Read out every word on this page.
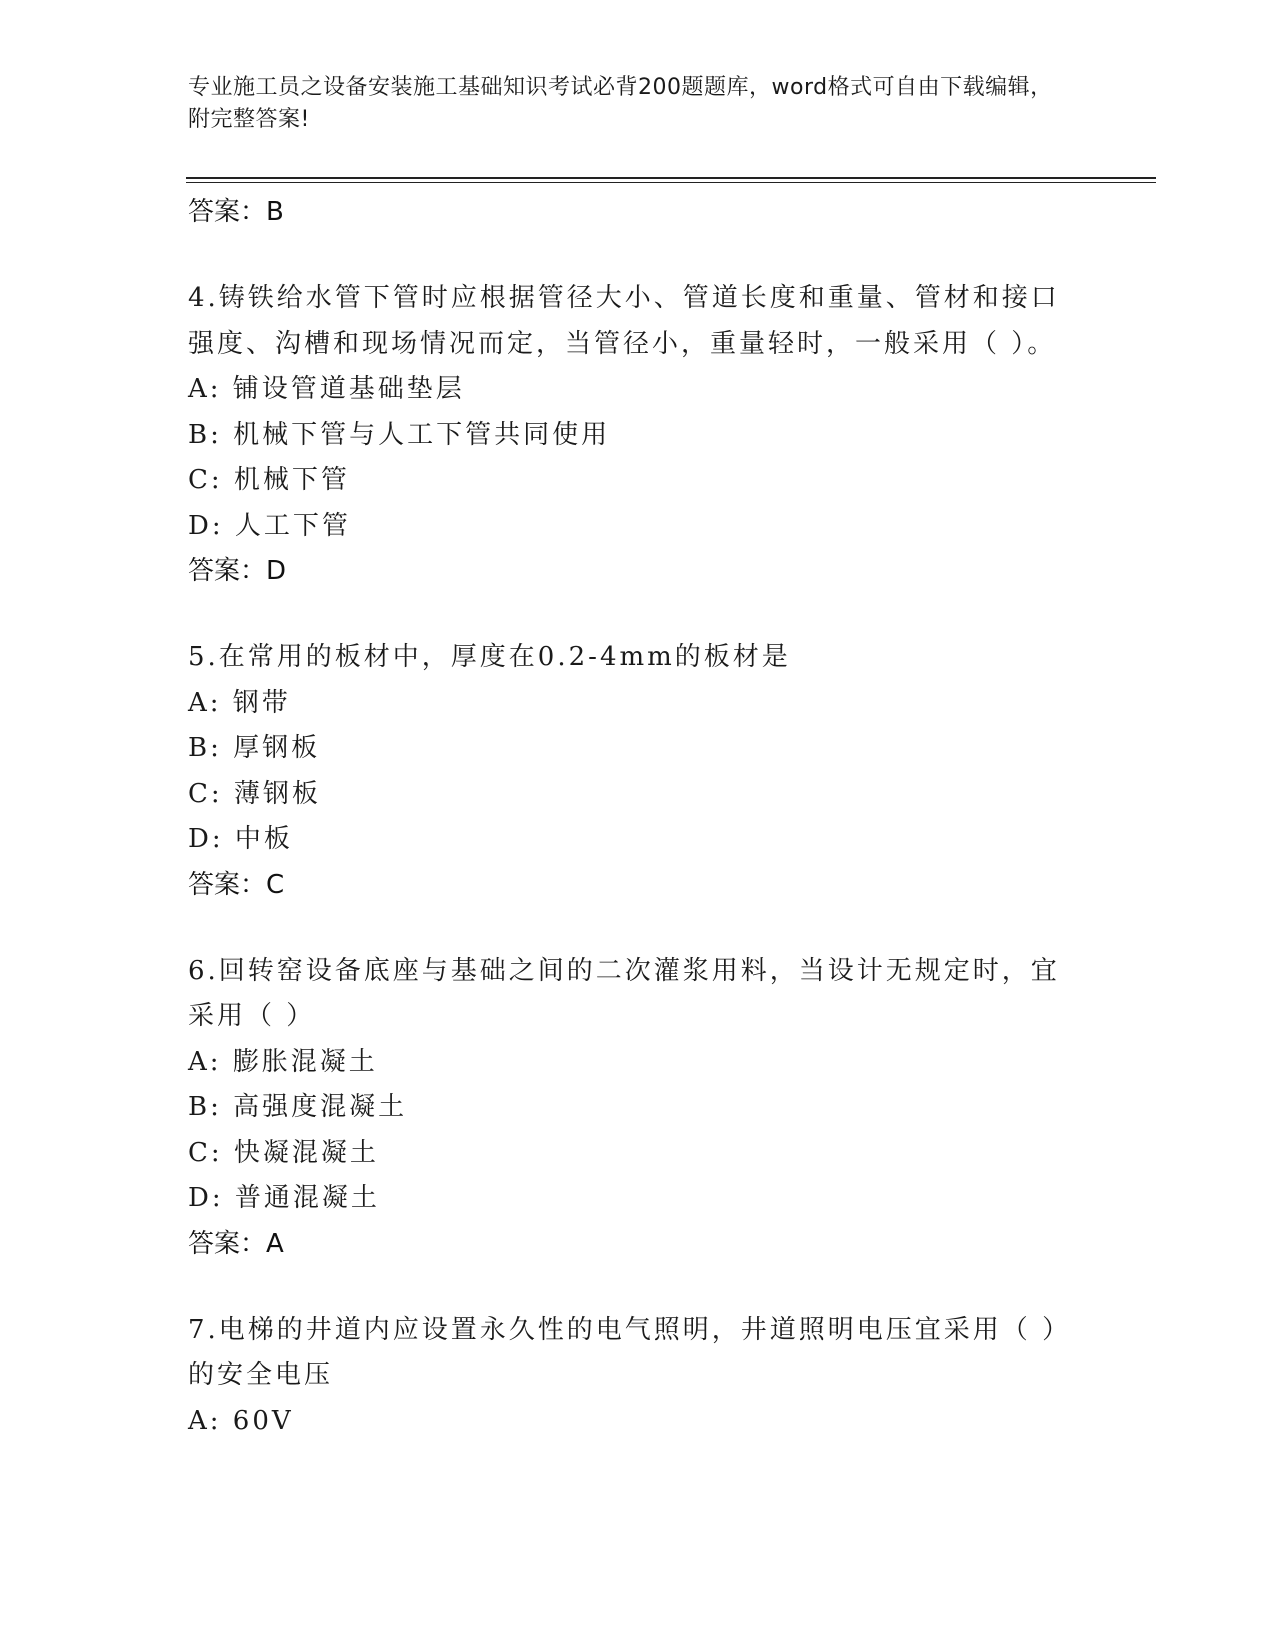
专业施工员之设备安装施工基础知识考试必背200题题库，word格式可自由下载编辑，附完整答案!
答案：B
4.铸铁给水管下管时应根据管径大小、管道长度和重量、管材和接口强度、沟槽和现场情况而定，当管径小，重量轻时，一般采用（ ）。
A: 铺设管道基础垫层
B: 机械下管与人工下管共同使用
C: 机械下管
D: 人工下管
答案：D
5.在常用的板材中，厚度在0.2-4mm的板材是
A: 钢带
B: 厚钢板
C: 薄钢板
D: 中板
答案：C
6.回转窑设备底座与基础之间的二次灌浆用料，当设计无规定时，宜采用（ ）
A: 膨胀混凝土
B: 高强度混凝土
C: 快凝混凝土
D: 普通混凝土
答案：A
7.电梯的井道内应设置永久性的电气照明，井道照明电压宜采用（ ）的安全电压
A: 60V
